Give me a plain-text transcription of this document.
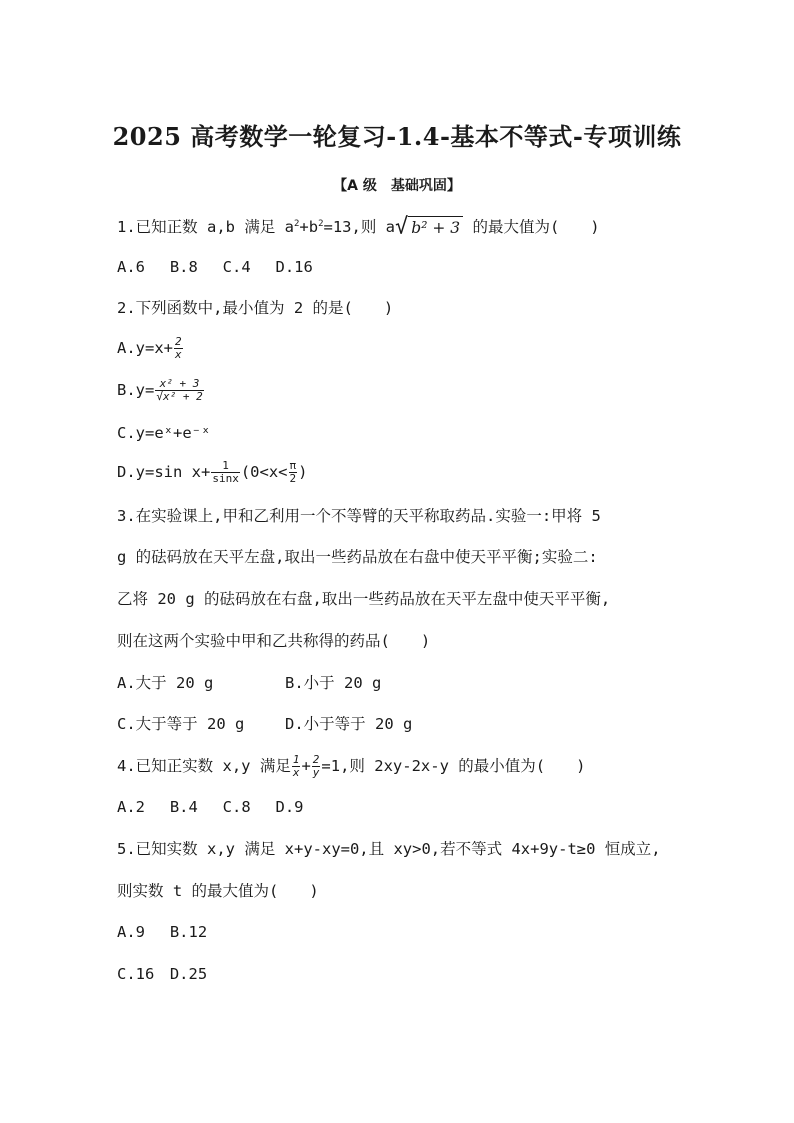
2025 高考数学一轮复习-1.4-基本不等式-专项训练
【A 级　基础巩固】
1.已知正数 a,b 满足 $a^2+b^2=13$,则 a√ b² + 3 的最大值为(　　)
A.6　 B.8　 C.4　 D.16
2.下列函数中,最小值为 2 的是(　　)
$A.y=x+ \frac{2}{x}$
$B.y= \frac{\text{x² + 3}}{\text{√x² + 2}}$
C.y=eˣ+e⁻ˣ
D.y=sin $x+ \frac{1}{\sin x} (0<x< \frac{\pi}{2}$ )
3.在实验课上,甲和乙利用一个不等臂的天平称取药品.实验一:甲将 5
g 的砝码放在天平左盘,取出一些药品放在右盘中使天平平衡;实验二:
乙将 20 g 的砝码放在右盘,取出一些药品放在天平左盘中使天平平衡,
则在这两个实验中甲和乙共称得的药品(　　)
A.大于 20 g	B.小于 20 g
C.大于等于 20 g	D.小于等于 20 g
4.已知正实数 x,y 满足 $\frac{1}{x} + \frac{2}{y} =1$,则 2xy-2x-y 的最小值为(　　)
A.2　 B.4　 C.8　 D.9
5.已知实数 x,y 满足 x+y-xy=0,且 xy>0,若不等式 4x+9y-t≥0 恒成立,
则实数 t 的最大值为(　　)
A.9　 B.12
C.16　D.25
